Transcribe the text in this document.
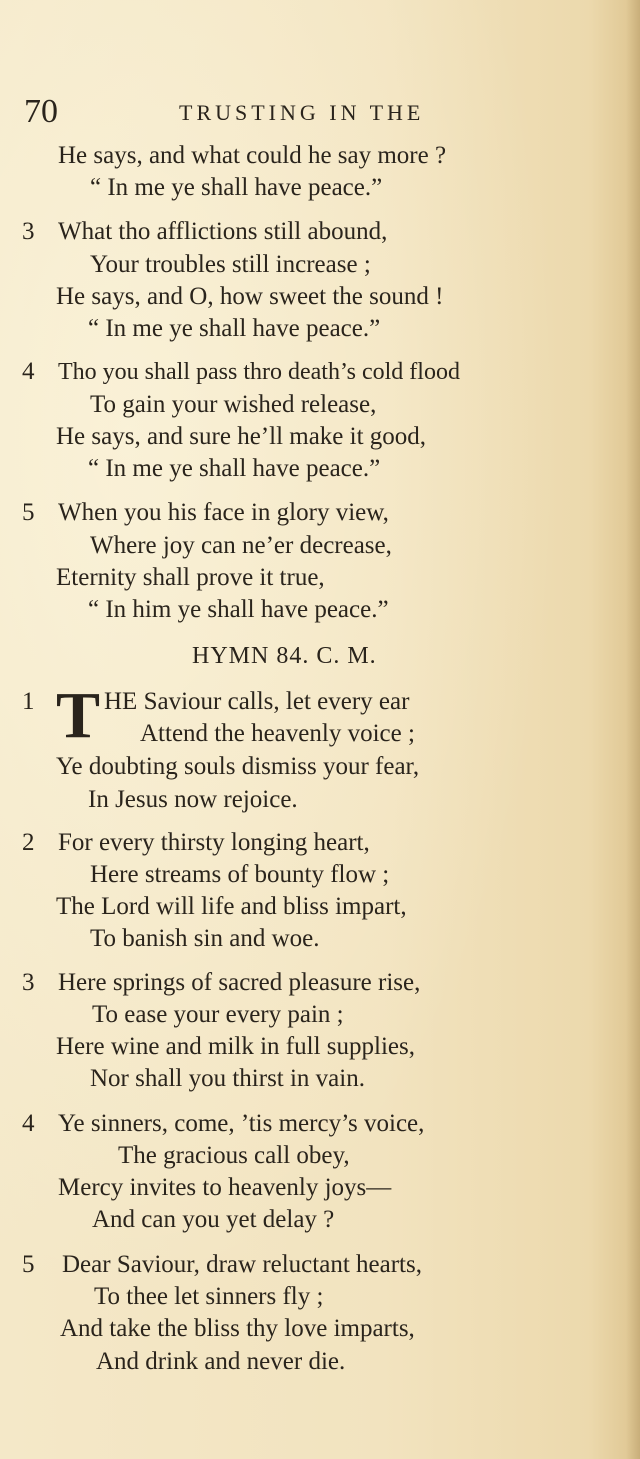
70	TRUSTING IN THE
He says, and what could he say more ?
“ In me ye shall have peace.”
3 What tho afflictions still abound,
Your troubles still increase ;
He says, and O, how sweet the sound !
“ In me ye shall have peace.”
4 Tho you shall pass thro death’s cold flood
To gain your wished release,
He says, and sure he’ll make it good,
“ In me ye shall have peace.”
5 When you his face in glory view,
Where joy can ne’er decrease,
Eternity shall prove it true,
“ In him ye shall have peace.”
HYMN 84. C. M.
1 T HE Saviour calls, let every ear
Attend the heavenly voice ;
Ye doubting souls dismiss your fear,
In Jesus now rejoice.
2 For every thirsty longing heart,
Here streams of bounty flow ;
The Lord will life and bliss impart,
To banish sin and woe.
3 Here springs of sacred pleasure rise,
To ease your every pain ;
Here wine and milk in full supplies,
Nor shall you thirst in vain.
4 Ye sinners, come, ’tis mercy’s voice,
The gracious call obey,
Mercy invites to heavenly joys—
And can you yet delay ?
5 Dear Saviour, draw reluctant hearts,
To thee let sinners fly ;
And take the bliss thy love imparts,
And drink and never die.
